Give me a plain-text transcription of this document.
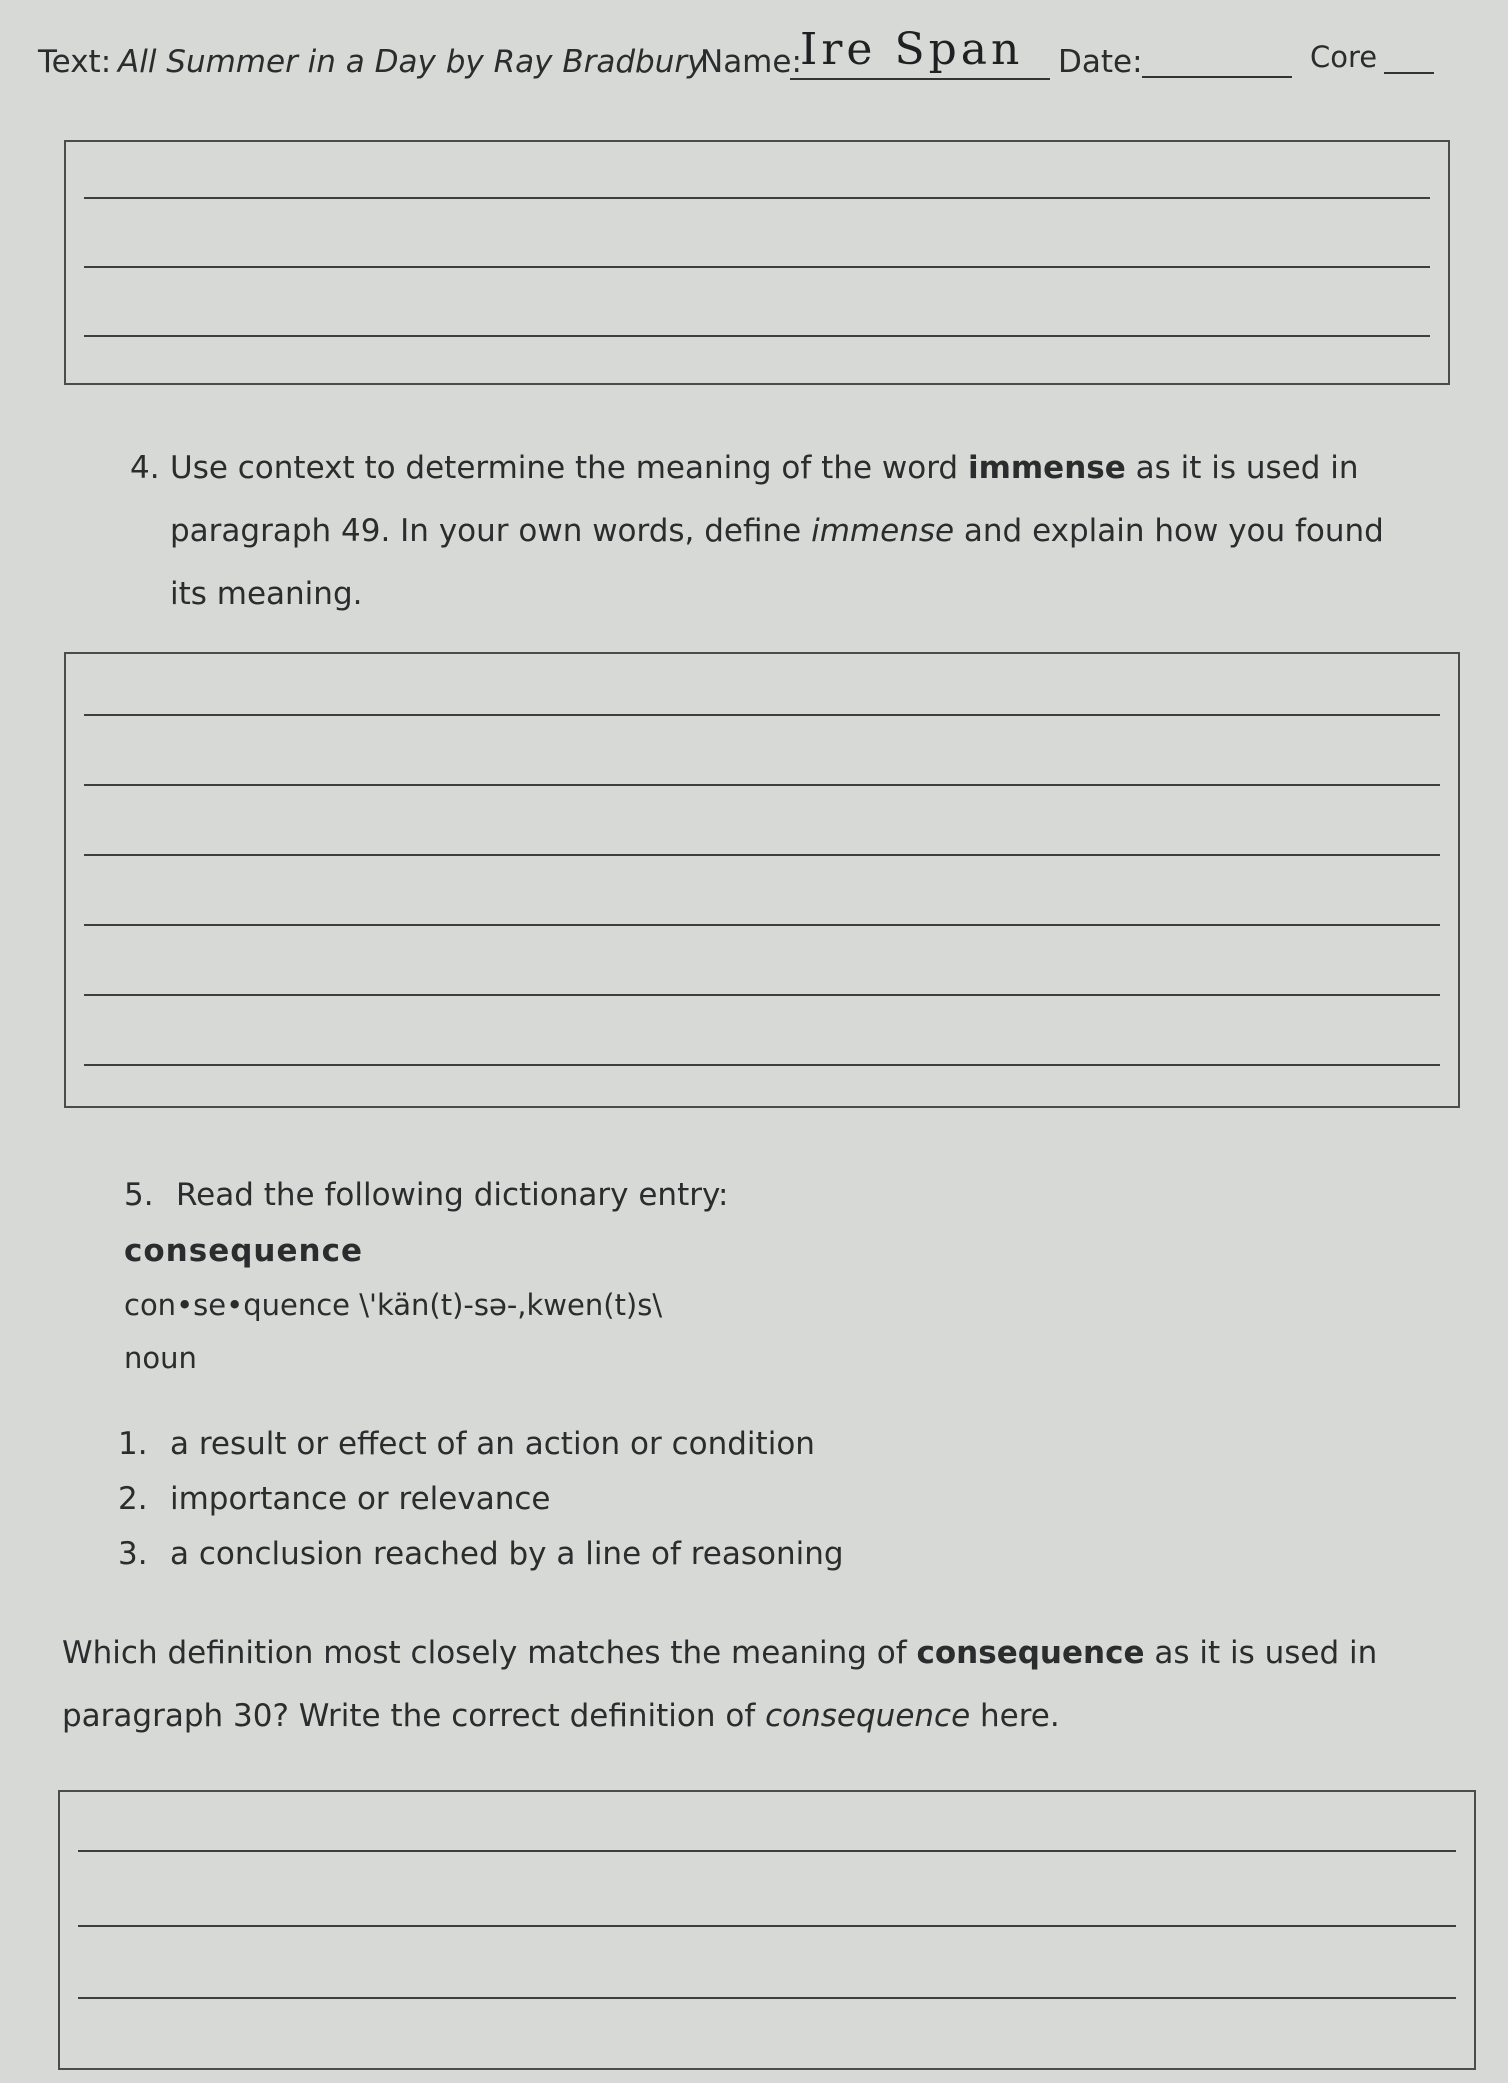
Text: All Summer in a Day by Ray Bradbury
Name:
Ire Span Date:	Core
4. Use context to determine the meaning of the word immense as it is used in paragraph 49. In your own words, define immense and explain how you found its meaning.
5. Read the following dictionary entry:
consequence
con•se•quence \'kän(t)-sə-,kwen(t)s\
noun
1. a result or effect of an action or condition
2. importance or relevance
3. a conclusion reached by a line of reasoning
Which definition most closely matches the meaning of consequence as it is used in paragraph 30? Write the correct definition of consequence here.
